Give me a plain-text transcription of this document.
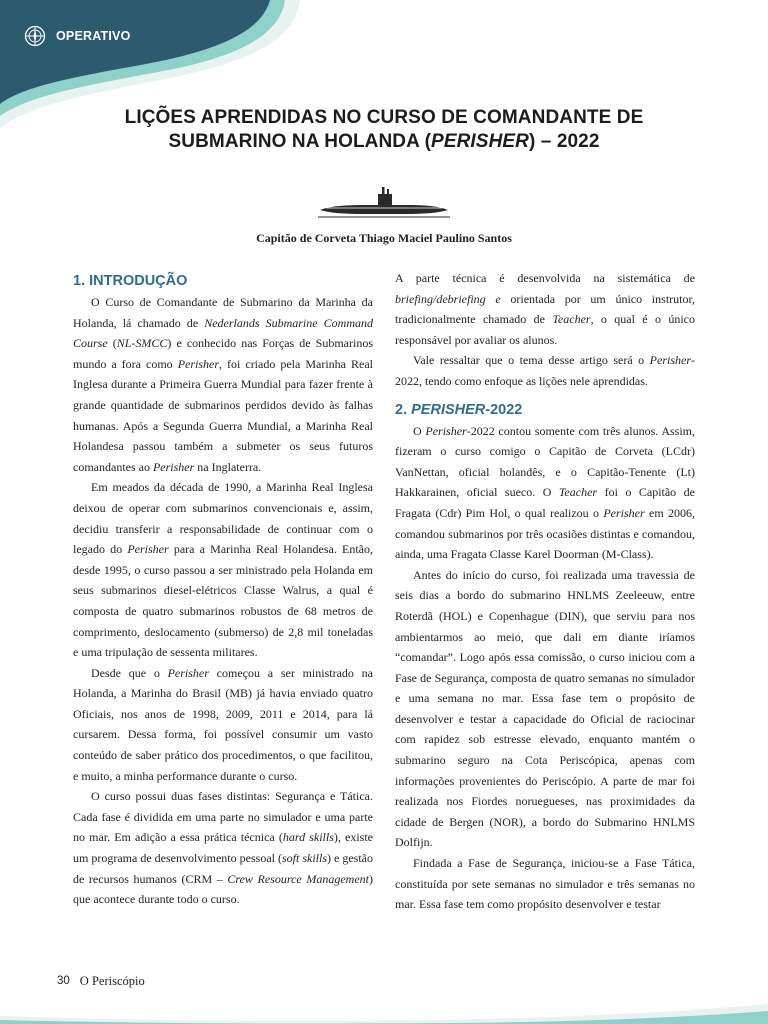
OPERATIVO
LIÇÕES APRENDIDAS NO CURSO DE COMANDANTE DE
SUBMARINO NA HOLANDA (PERISHER) – 2022
Capitão de Corveta Thiago Maciel Paulino Santos
1. INTRODUÇÃO

O Curso de Comandante de Submarino da Marinha da Holanda, lá chamado de Nederlands Submarine Command Course (NL-SMCC) e conhecido nas Forças de Submarinos mundo a fora como Perisher, foi criado pela Marinha Real Inglesa durante a Primeira Guerra Mundial para fazer frente à grande quantidade de submarinos perdidos devido às falhas humanas. Após a Segunda Guerra Mundial, a Marinha Real Holandesa passou também a submeter os seus futuros comandantes ao Perisher na Inglaterra.

Em meados da década de 1990, a Marinha Real Inglesa deixou de operar com submarinos convencionais e, assim, decidiu transferir a responsabilidade de continuar com o legado do Perisher para a Marinha Real Holandesa. Então, desde 1995, o curso passou a ser ministrado pela Holanda em seus submarinos diesel-elétricos Classe Walrus, a qual é composta de quatro submarinos robustos de 68 metros de comprimento, deslocamento (submerso) de 2,8 mil toneladas e uma tripulação de sessenta militares.

Desde que o Perisher começou a ser ministrado na Holanda, a Marinha do Brasil (MB) já havia enviado quatro Oficiais, nos anos de 1998, 2009, 2011 e 2014, para lá cursarem. Dessa forma, foi possível consumir um vasto conteúdo de saber prático dos procedimentos, o que facilitou, e muito, a minha performance durante o curso.

O curso possui duas fases distintas: Segurança e Tática. Cada fase é dividida em uma parte no simulador e uma parte no mar. Em adição a essa prática técnica (hard skills), existe um programa de desenvolvimento pessoal (soft skills) e gestão de recursos humanos (CRM – Crew Resource Management) que acontece durante todo o curso.

A parte técnica é desenvolvida na sistemática de briefing/debriefing e orientada por um único instrutor, tradicionalmente chamado de Teacher, o qual é o único responsável por avaliar os alunos.

Vale ressaltar que o tema desse artigo será o Perisher-2022, tendo como enfoque as lições nele aprendidas.

2. PERISHER-2022

O Perisher-2022 contou somente com três alunos. Assim, fizeram o curso comigo o Capitão de Corveta (LCdr) VanNettan, oficial holandês, e o Capitão-Tenente (Lt) Hakkarainen, oficial sueco. O Teacher foi o Capitão de Fragata (Cdr) Pim Hol, o qual realizou o Perisher em 2006, comandou submarinos por três ocasiões distintas e comandou, ainda, uma Fragata Classe Karel Doorman (M-Class).

Antes do início do curso, foi realizada uma travessia de seis dias a bordo do submarino HNLMS Zeeleeuw, entre Roterdã (HOL) e Copenhague (DIN), que serviu para nos ambientarmos ao meio, que dali em diante iríamos “comandar”. Logo após essa comissão, o curso iniciou com a Fase de Segurança, composta de quatro semanas no simulador e uma semana no mar. Essa fase tem o propósito de desenvolver e testar a capacidade do Oficial de raciocinar com rapidez sob estresse elevado, enquanto mantém o submarino seguro na Cota Periscópica, apenas com informações provenientes do Periscópio. A parte de mar foi realizada nos Fiordes noruegueses, nas proximidades da cidade de Bergen (NOR), a bordo do Submarino HNLMS Dolfijn.

Findada a Fase de Segurança, iniciou-se a Fase Tática, constituída por sete semanas no simulador e três semanas no mar. Essa fase tem como propósito desenvolver e testar

30 O Periscópio
